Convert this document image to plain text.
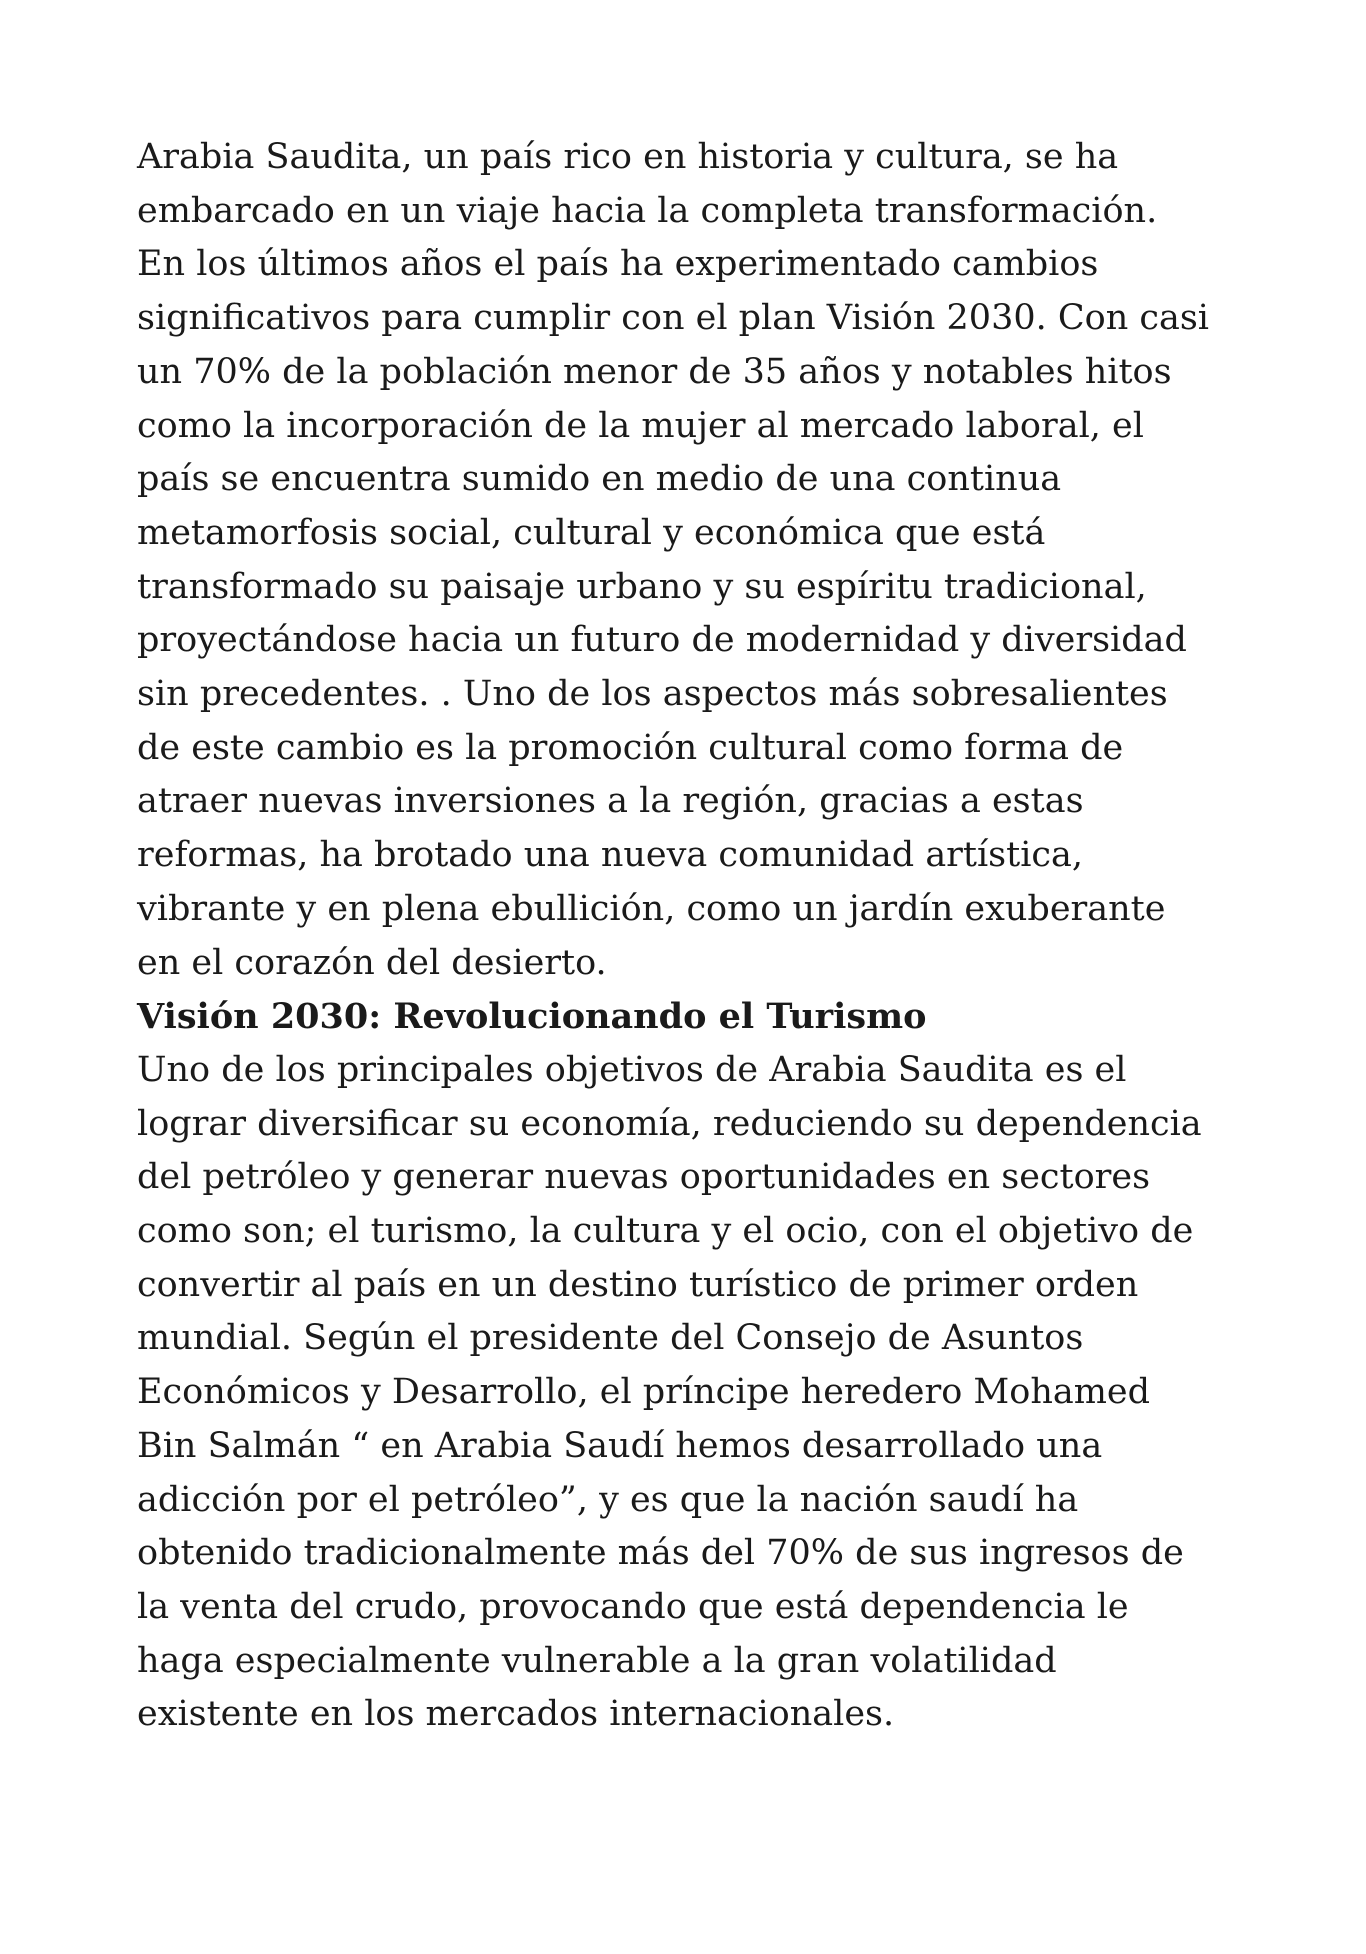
Arabia Saudita, un país rico en historia y cultura, se ha
embarcado en un viaje hacia la completa transformación.
En los últimos años el país ha experimentado cambios
significativos para cumplir con el plan Visión 2030. Con casi
un 70% de la población menor de 35 años y notables hitos
como la incorporación de la mujer al mercado laboral, el
país se encuentra sumido en medio de una continua
metamorfosis social, cultural y económica que está
transformado su paisaje urbano y su espíritu tradicional,
proyectándose hacia un futuro de modernidad y diversidad
sin precedentes. . Uno de los aspectos más sobresalientes
de este cambio es la promoción cultural como forma de
atraer nuevas inversiones a la región, gracias a estas
reformas, ha brotado una nueva comunidad artística,
vibrante y en plena ebullición, como un jardín exuberante
en el corazón del desierto.
Visión 2030: Revolucionando el Turismo
Uno de los principales objetivos de Arabia Saudita es el
lograr diversificar su economía, reduciendo su dependencia
del petróleo y generar nuevas oportunidades en sectores
como son; el turismo, la cultura y el ocio, con el objetivo de
convertir al país en un destino turístico de primer orden
mundial. Según el presidente del Consejo de Asuntos
Económicos y Desarrollo, el príncipe heredero Mohamed
Bin Salmán “ en Arabia Saudí hemos desarrollado una
adicción por el petróleo”, y es que la nación saudí ha
obtenido tradicionalmente más del 70% de sus ingresos de
la venta del crudo, provocando que está dependencia le
haga especialmente vulnerable a la gran volatilidad
existente en los mercados internacionales.
